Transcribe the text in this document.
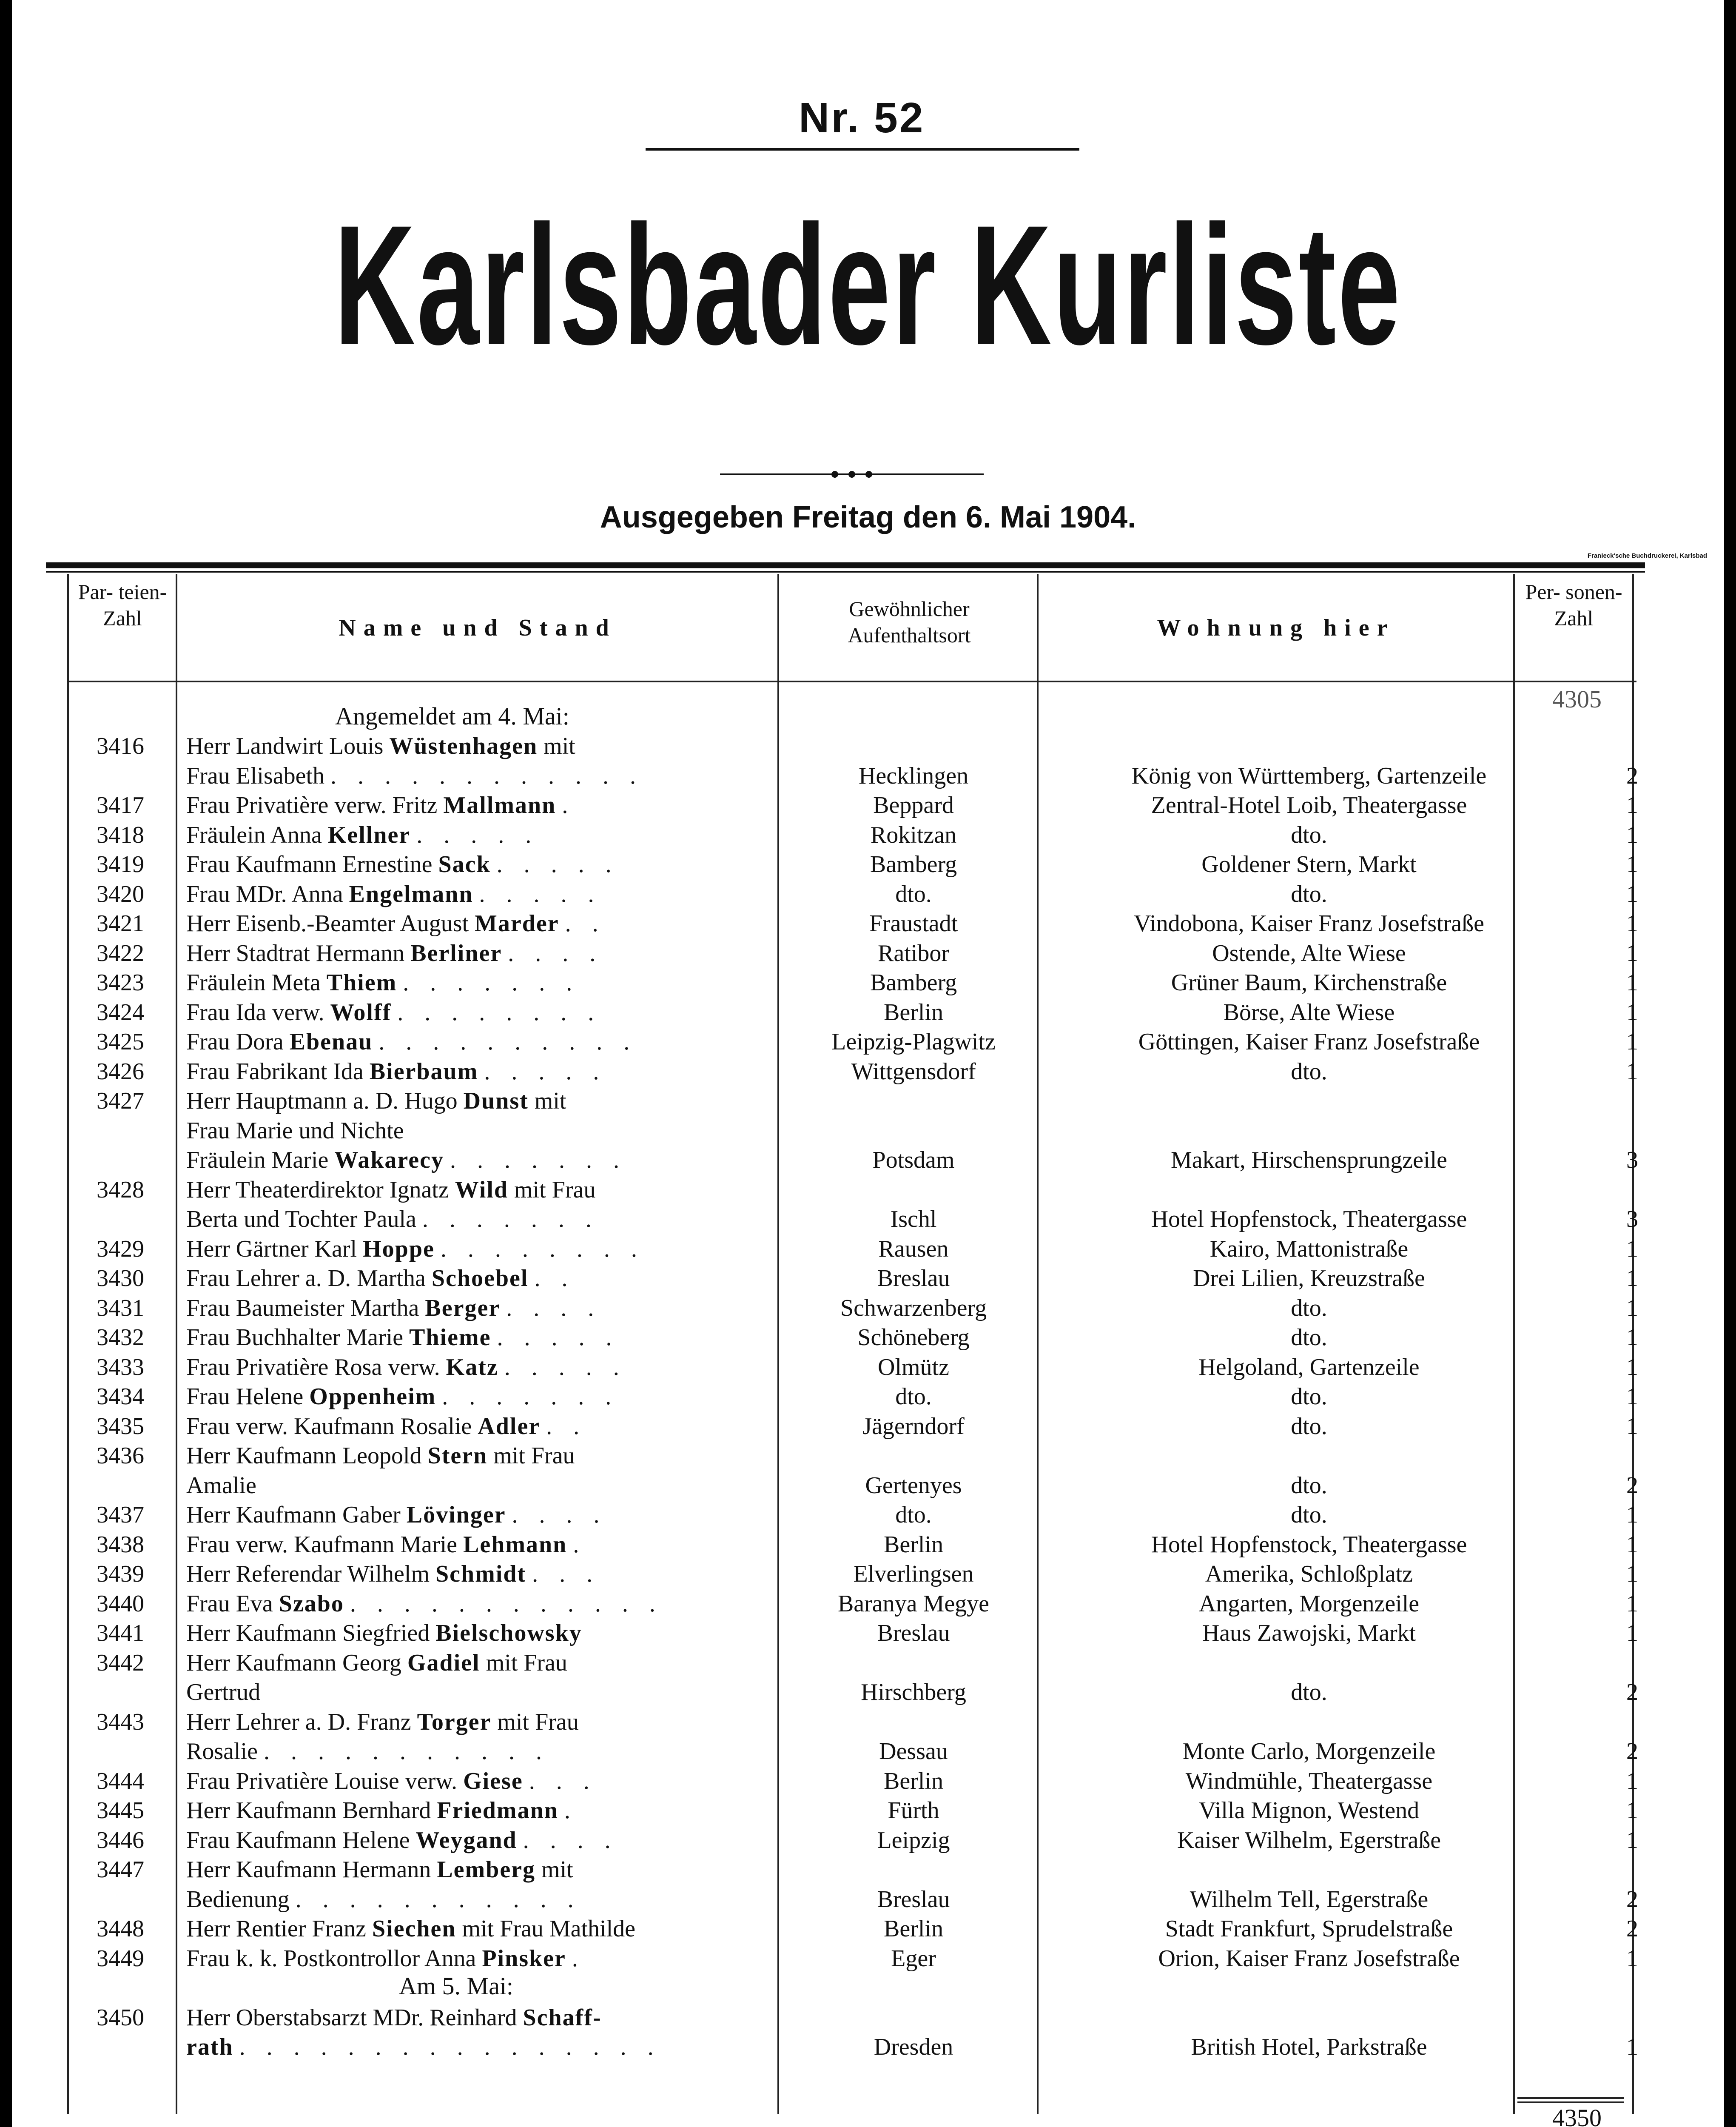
Nr. 52
Karlsbader Kurliste
Ausgegeben Freitag den 6. Mai 1904.
Franieck'sche Buchdruckerei, Karlsbad
Par- teien- Zahl	Name und Stand
Gewöhnlicher Aufenthaltsort	Wohnung hier
Per- sonen- Zahl
Angemeldet am 4. Mai:
4305
3416	Herr Landwirt Louis Wüstenhagen mit
Frau Elisabeth . . . . . . . . . . . .	Hecklingen	König von Württemberg, Gartenzeile	2
3417	Frau Privatière verw. Fritz Mallmann .	Beppard	Zentral-Hotel Loib, Theatergasse	1
3418	Fräulein Anna Kellner . . . . .	Rokitzan	dto.	1
3419	Frau Kaufmann Ernestine Sack . . . . .	Bamberg	Goldener Stern, Markt	1
3420	Frau MDr. Anna Engelmann . . . . .	dto.	dto.	1
3421	Herr Eisenb.-Beamter August Marder . .	Fraustadt	Vindobona, Kaiser Franz Josefstraße	1
3422	Herr Stadtrat Hermann Berliner . . . .	Ratibor	Ostende, Alte Wiese	1
3423	Fräulein Meta Thiem . . . . . . .	Bamberg	Grüner Baum, Kirchenstraße	1
3424	Frau Ida verw. Wolff . . . . . . . .	Berlin	Börse, Alte Wiese	1
3425	Frau Dora Ebenau . . . . . . . . . .	Leipzig-Plagwitz	Göttingen, Kaiser Franz Josefstraße	1
3426	Frau Fabrikant Ida Bierbaum . . . . .	Wittgensdorf	dto.	1
3427	Herr Hauptmann a. D. Hugo Dunst mit
Frau Marie und Nichte
Fräulein Marie Wakarecy . . . . . . .	Potsdam	Makart, Hirschensprungzeile	3
3428	Herr Theaterdirektor Ignatz Wild mit Frau
Berta und Tochter Paula . . . . . . .	Ischl	Hotel Hopfenstock, Theatergasse	3
3429	Herr Gärtner Karl Hoppe . . . . . . . .	Rausen	Kairo, Mattonistraße	1
3430	Frau Lehrer a. D. Martha Schoebel . .	Breslau	Drei Lilien, Kreuzstraße	1
3431	Frau Baumeister Martha Berger . . . .	Schwarzenberg	dto.	1
3432	Frau Buchhalter Marie Thieme . . . . .	Schöneberg	dto.	1
3433	Frau Privatière Rosa verw. Katz . . . . .	Olmütz	Helgoland, Gartenzeile	1
3434	Frau Helene Oppenheim . . . . . . .	dto.	dto.	1
3435	Frau verw. Kaufmann Rosalie Adler . .	Jägerndorf	dto.	1
3436	Herr Kaufmann Leopold Stern mit Frau
Amalie	Gertenyes	dto.	2
3437	Herr Kaufmann Gaber Lövinger . . . .	dto.	dto.	1
3438	Frau verw. Kaufmann Marie Lehmann .	Berlin	Hotel Hopfenstock, Theatergasse	1
3439	Herr Referendar Wilhelm Schmidt . . .	Elverlingsen	Amerika, Schloßplatz	1
3440	Frau Eva Szabo . . . . . . . . . . . .	Baranya Megye	Angarten, Morgenzeile	1
3441	Herr Kaufmann Siegfried Bielschowsky	Breslau	Haus Zawojski, Markt	1
3442	Herr Kaufmann Georg Gadiel mit Frau
Gertrud	Hirschberg	dto.	2
3443	Herr Lehrer a. D. Franz Torger mit Frau
Rosalie . . . . . . . . . . .	Dessau	Monte Carlo, Morgenzeile	2
3444	Frau Privatière Louise verw. Giese . . .	Berlin	Windmühle, Theatergasse	1
3445	Herr Kaufmann Bernhard Friedmann .	Fürth	Villa Mignon, Westend	1
3446	Frau Kaufmann Helene Weygand . . . .	Leipzig	Kaiser Wilhelm, Egerstraße	1
3447	Herr Kaufmann Hermann Lemberg mit
Bedienung . . . . . . . . . . .	Breslau	Wilhelm Tell, Egerstraße	2
3448	Herr Rentier Franz Siechen mit Frau Mathilde	Berlin	Stadt Frankfurt, Sprudelstraße	2
3449	Frau k. k. Postkontrollor Anna Pinsker .	Eger	Orion, Kaiser Franz Josefstraße	1
Am 5. Mai:
3450	Herr Oberstabsarzt MDr. Reinhard Schaff-
rath . . . . . . . . . . . . . . . .	Dresden	British Hotel, Parkstraße	1
4350
